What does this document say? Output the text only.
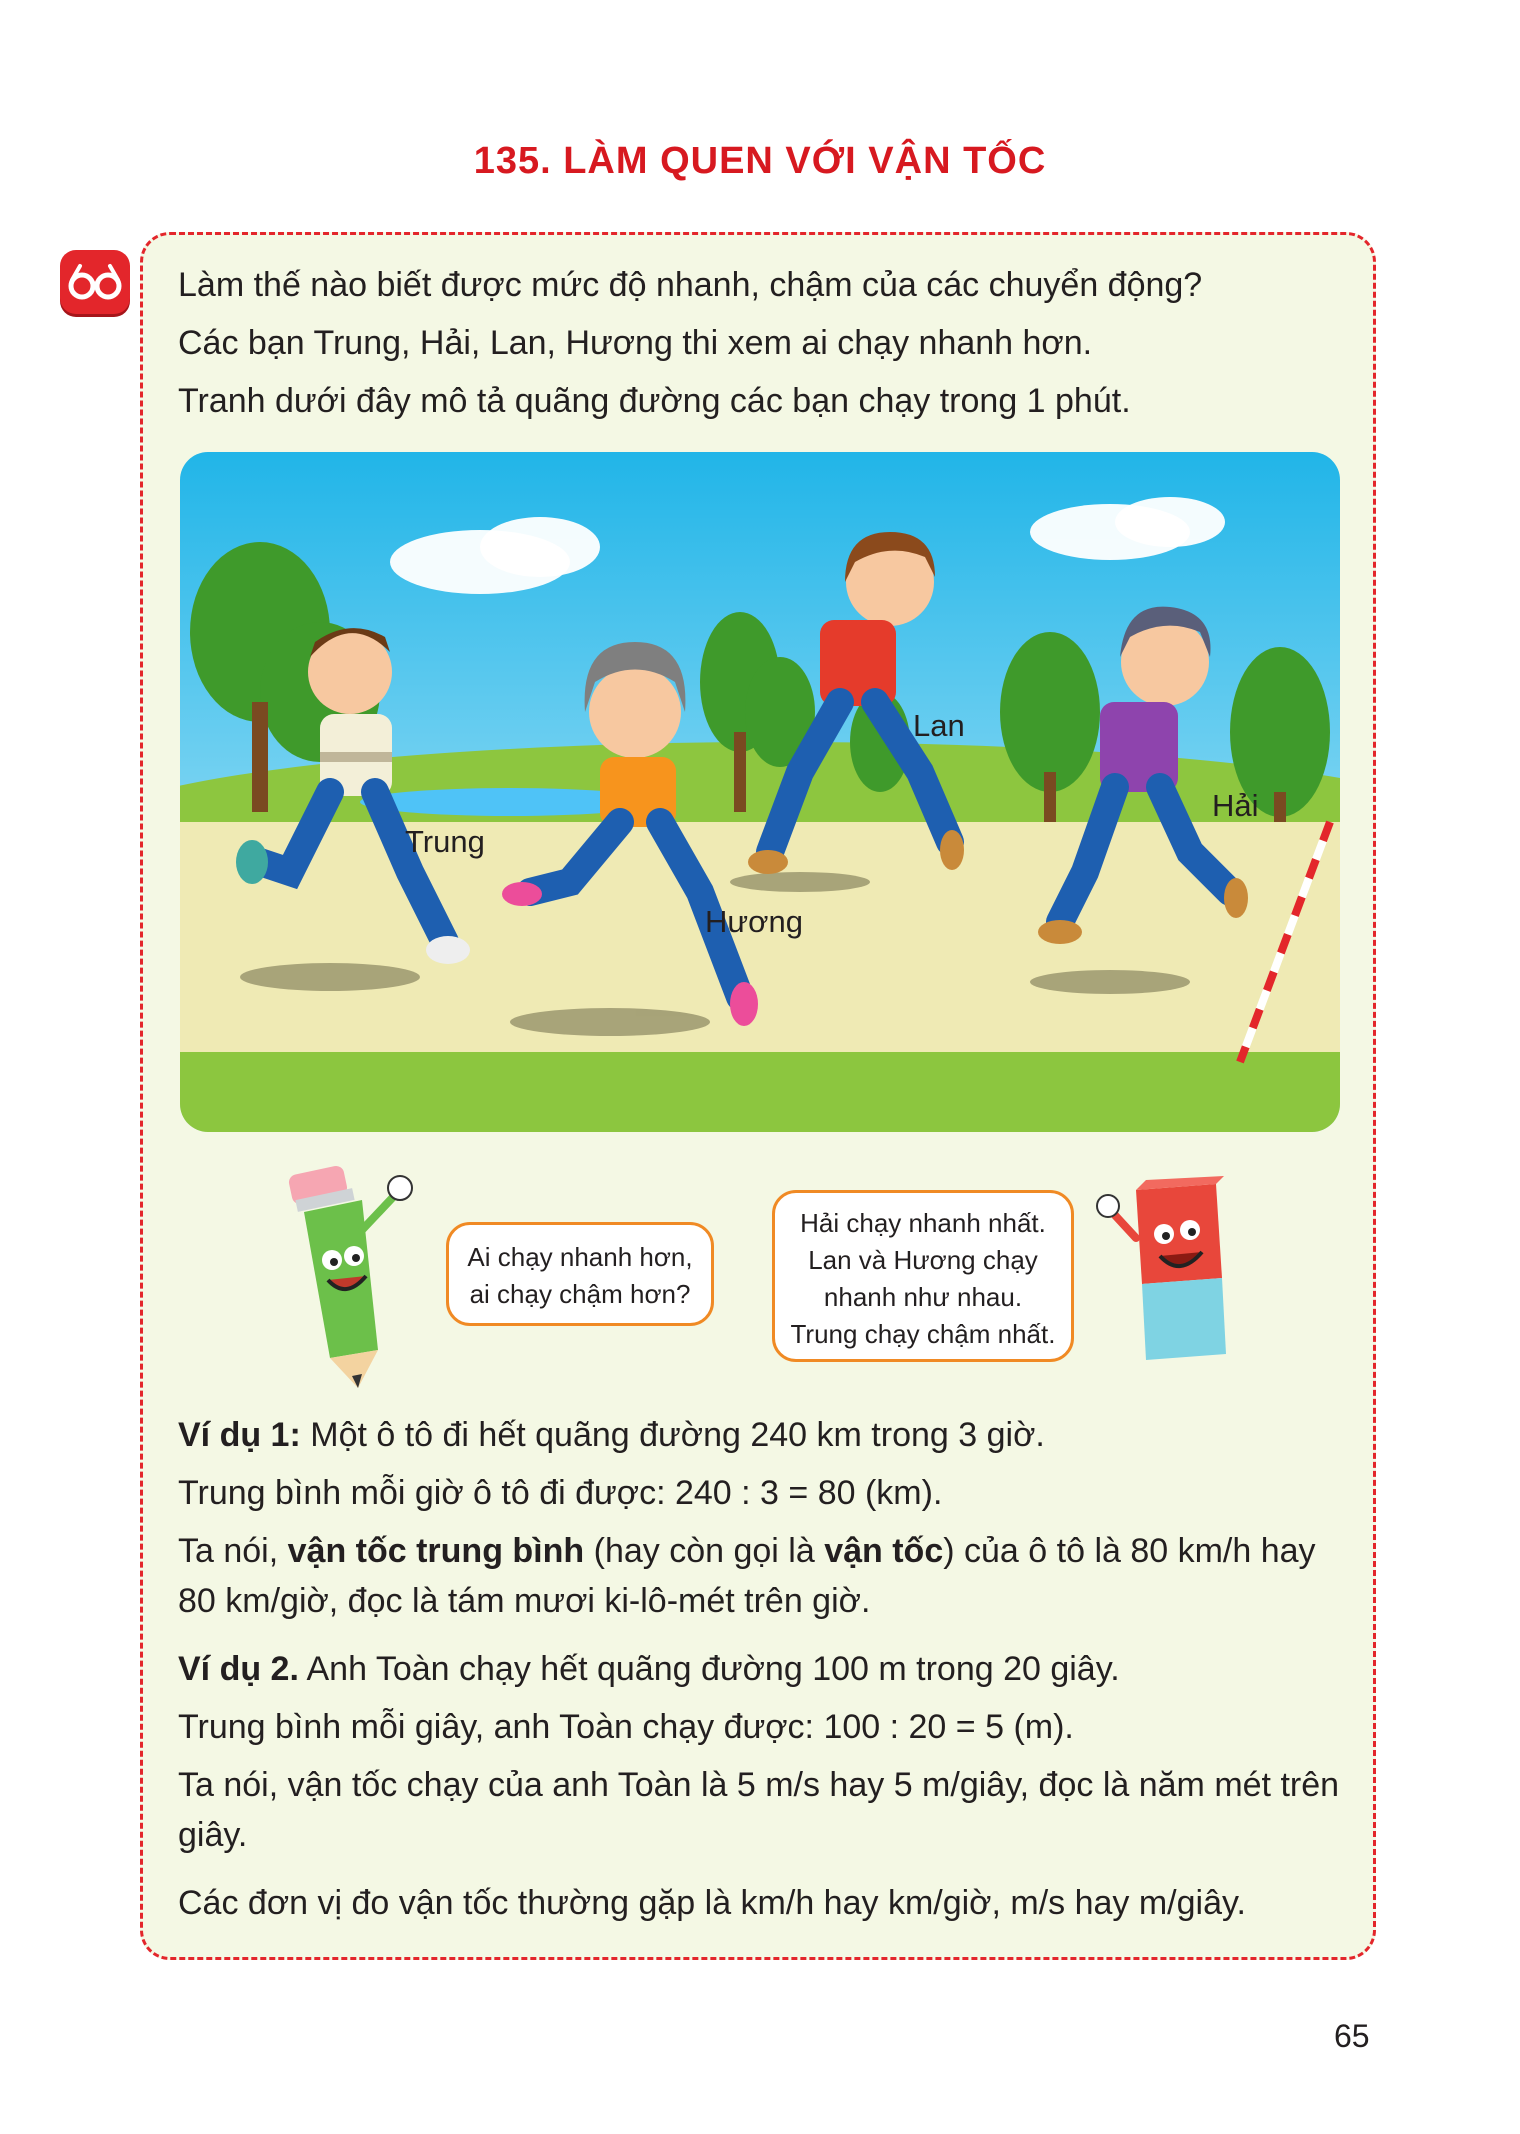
135. LÀM QUEN VỚI VẬN TỐC

Làm thế nào biết được mức độ nhanh, chậm của các chuyển động?

Các bạn Trung, Hải, Lan, Hương thi xem ai chạy nhanh hơn.

Tranh dưới đây mô tả quãng đường các bạn chạy trong 1 phút.

Trung
Hương
Lan
Hải
Ai chạy nhanh hơn,
ai chạy chậm hơn?
Hải chạy nhanh nhất.
Lan và Hương chạy
nhanh như nhau.
Trung chạy chậm nhất.

Ví dụ 1: Một ô tô đi hết quãng đường 240 km trong 3 giờ.

Trung bình mỗi giờ ô tô đi được: 240 : 3 = 80 (km).

Ta nói, vận tốc trung bình (hay còn gọi là vận tốc) của ô tô là 80 km/h hay 80 km/giờ, đọc là tám mươi ki-lô-mét trên giờ.

Ví dụ 2. Anh Toàn chạy hết quãng đường 100 m trong 20 giây.

Trung bình mỗi giây, anh Toàn chạy được: 100 : 20 = 5 (m).

Ta nói, vận tốc chạy của anh Toàn là 5 m/s hay 5 m/giây, đọc là năm mét trên giây.

Các đơn vị đo vận tốc thường gặp là km/h hay km/giờ, m/s hay m/giây.

65
